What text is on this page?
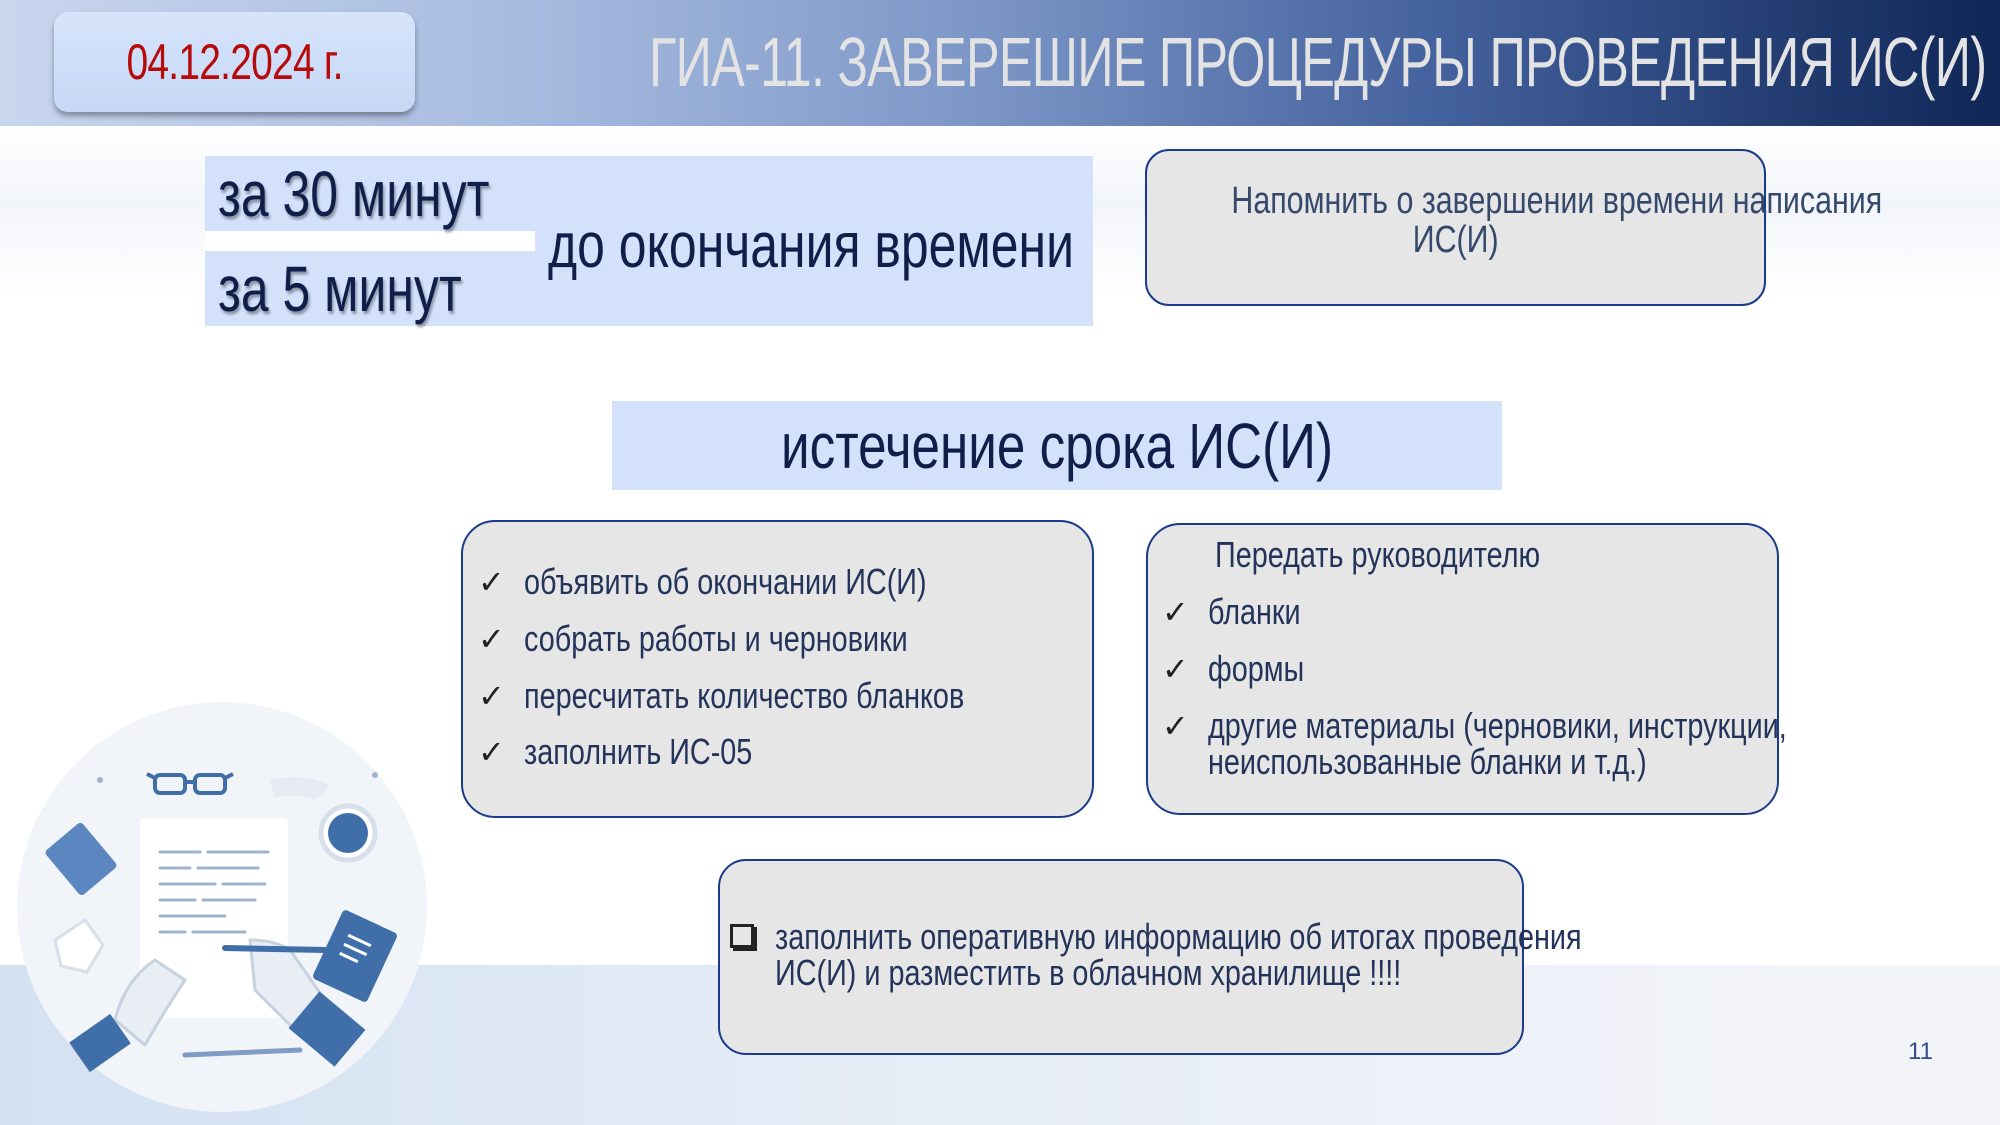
04.12.2024 г.	ГИА-11. ЗАВЕРЕШИЕ ПРОЦЕДУРЫ ПРОВЕДЕНИЯ ИС(И)
за 30 минут
за 5 минут
до окончания времени
Напомнить о завершении времени написания
ИС(И)
истечение срока ИС(И)
✓ объявить об окончании ИС(И)
✓ собрать работы и черновики
✓ пересчитать количество бланков
✓ заполнить ИС-05
Передать руководителю
✓ бланки
✓ формы
✓ другие материалы (черновики, инструкции,
неиспользованные бланки и т.д.)
заполнить оперативную информацию об итогах проведения
ИС(И) и разместить в облачном хранилище !!!!
11
